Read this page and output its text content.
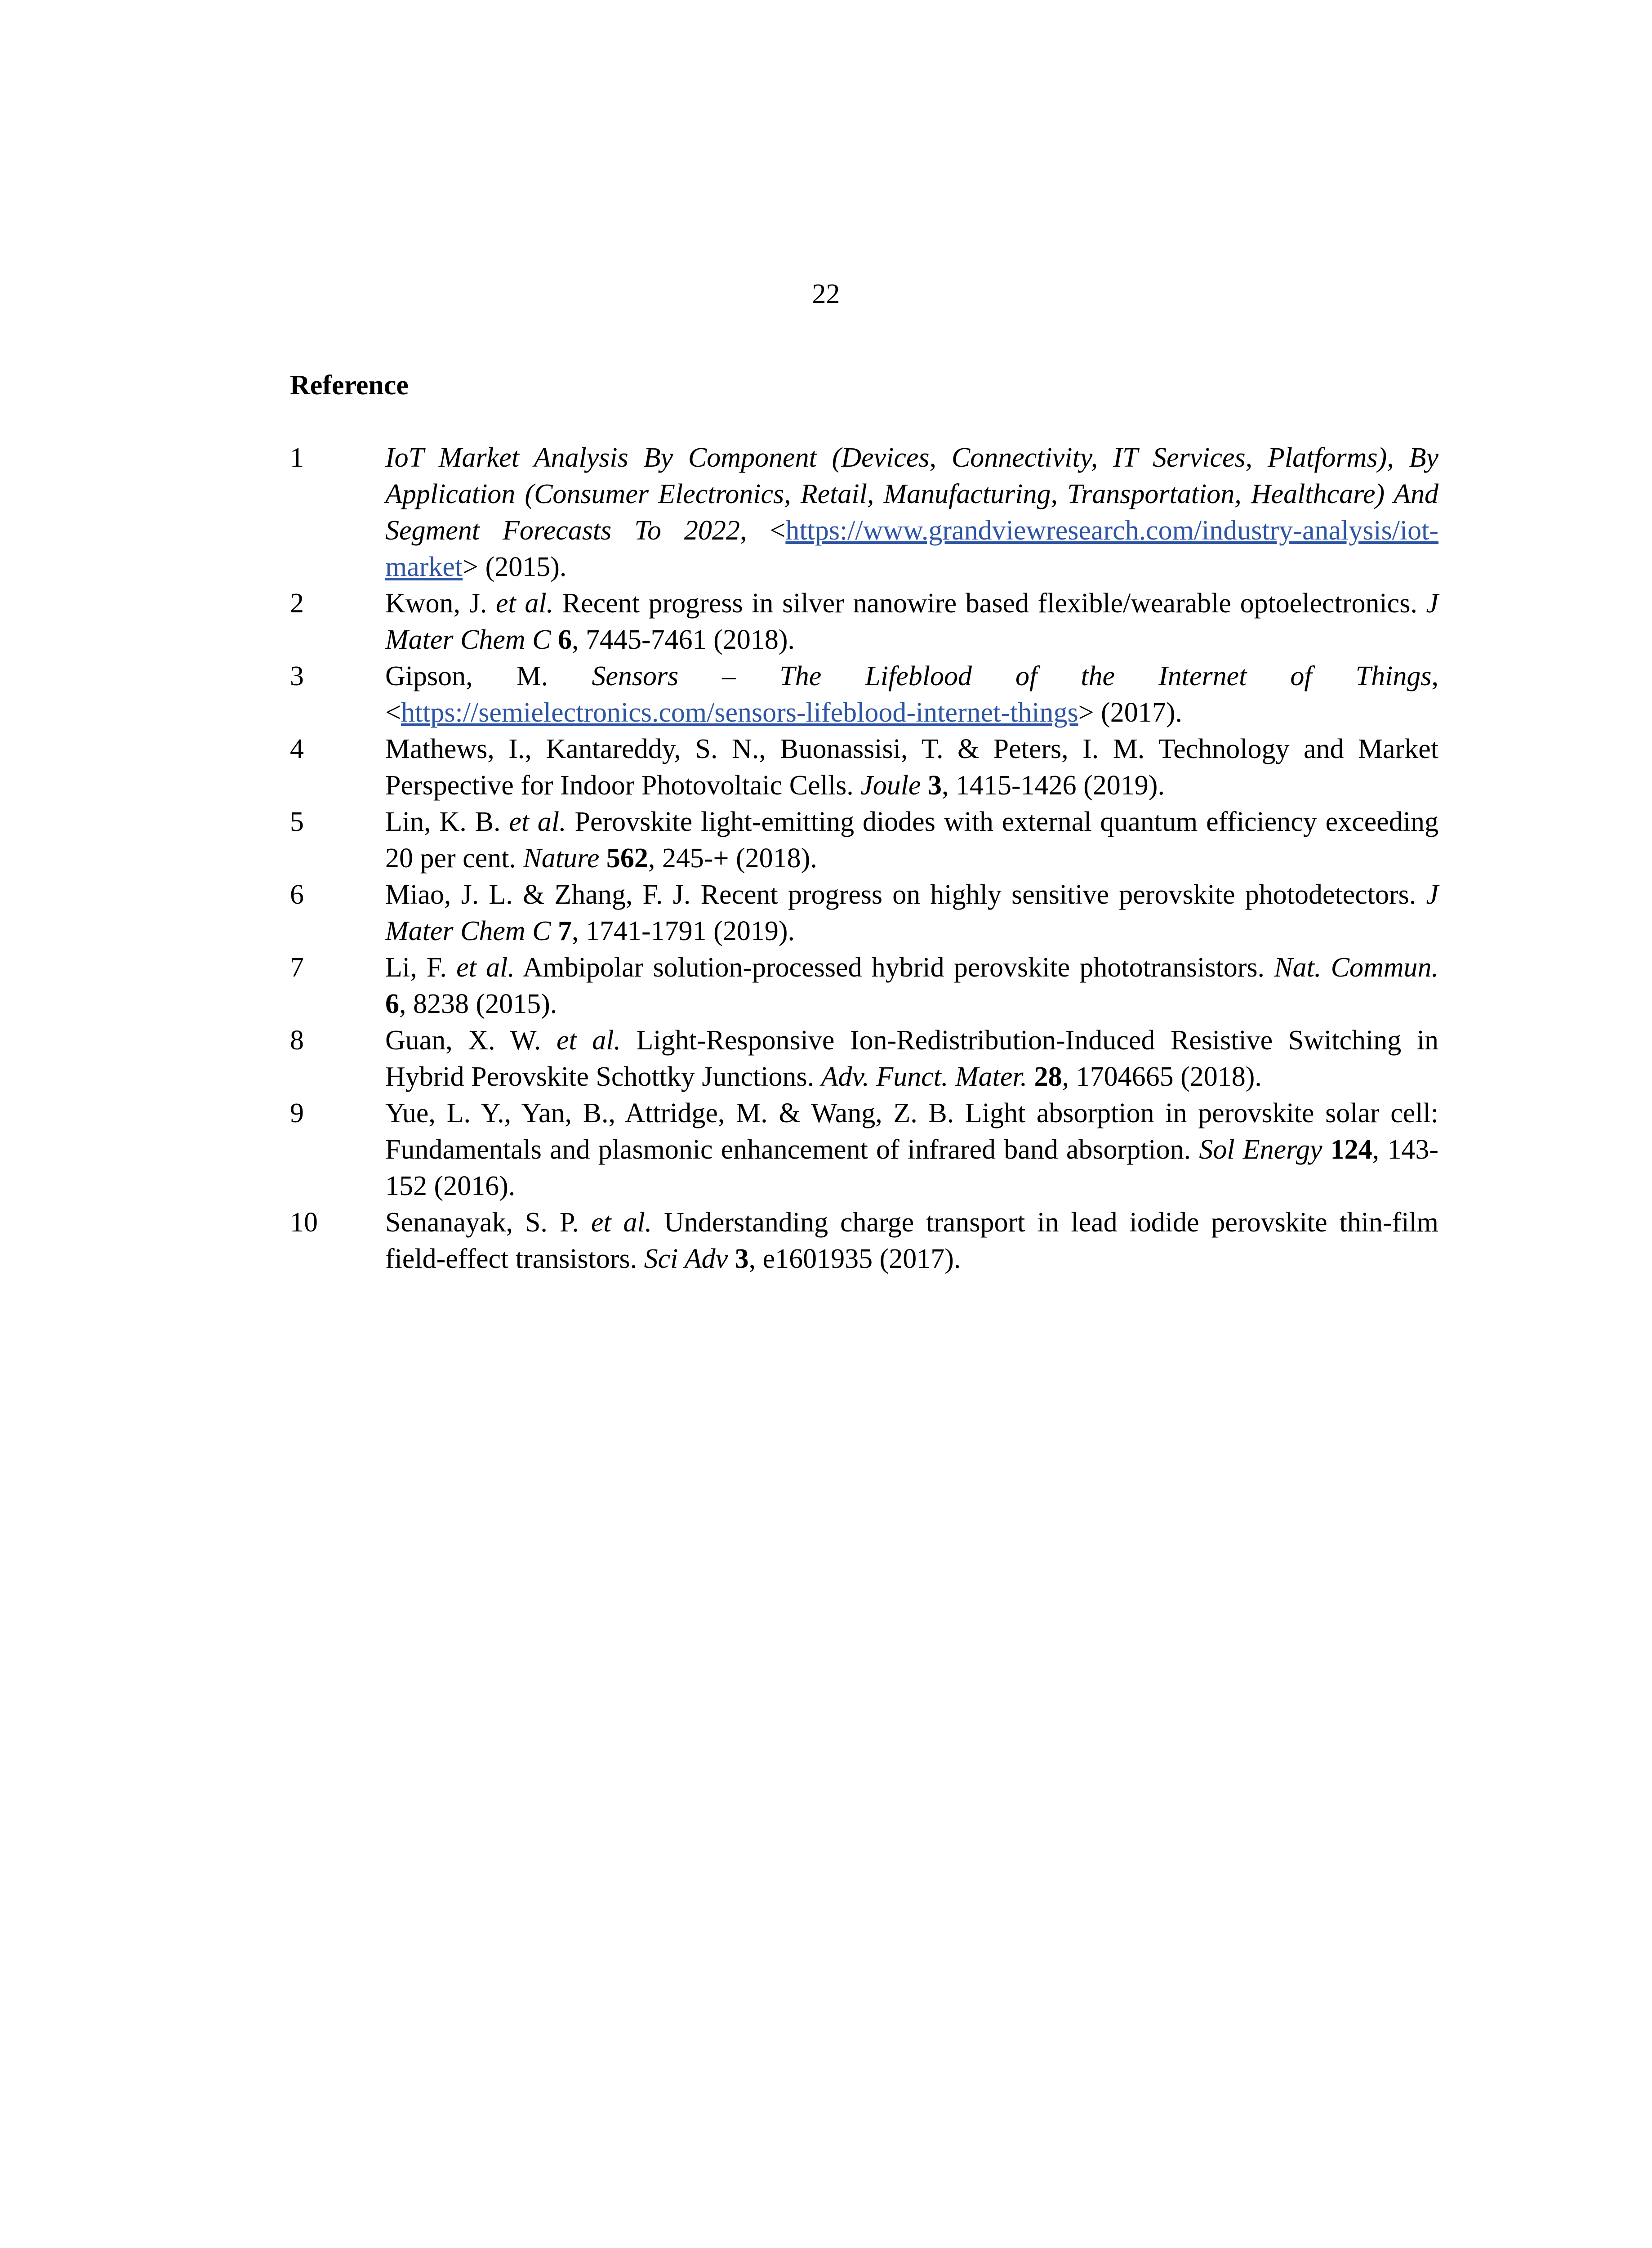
22
Reference
1	IoT Market Analysis By Component (Devices, Connectivity, IT Services, Platforms), By Application (Consumer Electronics, Retail, Manufacturing, Transportation, Healthcare) And Segment Forecasts To 2022, <https://www.grandviewresearch.com/industry-analysis/iot-market> (2015).
2	Kwon, J. et al. Recent progress in silver nanowire based flexible/wearable optoelectronics. J Mater Chem C 6, 7445-7461 (2018).
3	Gipson, M. Sensors – The Lifeblood of the Internet of Things, <https://semielectronics.com/sensors-lifeblood-internet-things> (2017).
4	Mathews, I., Kantareddy, S. N., Buonassisi, T. & Peters, I. M. Technology and Market Perspective for Indoor Photovoltaic Cells. Joule 3, 1415-1426 (2019).
5	Lin, K. B. et al. Perovskite light-emitting diodes with external quantum efficiency exceeding 20 per cent. Nature 562, 245-+ (2018).
6	Miao, J. L. & Zhang, F. J. Recent progress on highly sensitive perovskite photodetectors. J Mater Chem C 7, 1741-1791 (2019).
7	Li, F. et al. Ambipolar solution-processed hybrid perovskite phototransistors. Nat. Commun. 6, 8238 (2015).
8	Guan, X. W. et al. Light-Responsive Ion-Redistribution-Induced Resistive Switching in Hybrid Perovskite Schottky Junctions. Adv. Funct. Mater. 28, 1704665 (2018).
9	Yue, L. Y., Yan, B., Attridge, M. & Wang, Z. B. Light absorption in perovskite solar cell: Fundamentals and plasmonic enhancement of infrared band absorption. Sol Energy 124, 143-152 (2016).
10 Senanayak, S. P. et al. Understanding charge transport in lead iodide perovskite thin-film field-effect transistors. Sci Adv 3, e1601935 (2017).
